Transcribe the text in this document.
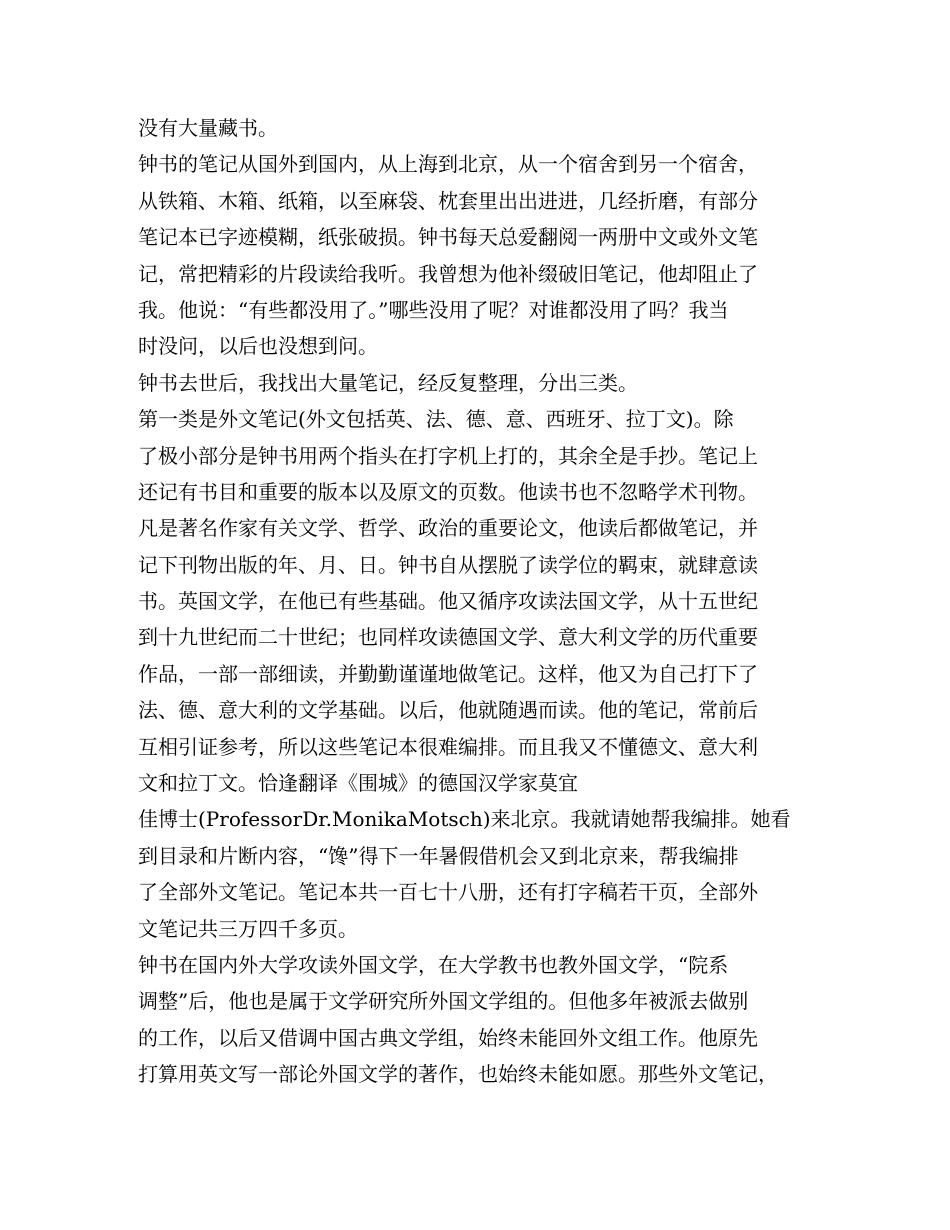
没有大量藏书。
钟书的笔记从国外到国内，从上海到北京，从一个宿舍到另一个宿舍，
从铁箱、木箱、纸箱，以至麻袋、枕套里出出进进，几经折磨，有部分
笔记本已字迹模糊，纸张破损。钟书每天总爱翻阅一两册中文或外文笔
记，常把精彩的片段读给我听。我曾想为他补缀破旧笔记，他却阻止了
我。他说：“有些都没用了。”哪些没用了呢？对谁都没用了吗？我当
时没问，以后也没想到问。
钟书去世后，我找出大量笔记，经反复整理，分出三类。
第一类是外文笔记(外文包括英、法、德、意、西班牙、拉丁文)。除
了极小部分是钟书用两个指头在打字机上打的，其余全是手抄。笔记上
还记有书目和重要的版本以及原文的页数。他读书也不忽略学术刊物。
凡是著名作家有关文学、哲学、政治的重要论文，他读后都做笔记，并
记下刊物出版的年、月、日。钟书自从摆脱了读学位的羁束，就肆意读
书。英国文学，在他已有些基础。他又循序攻读法国文学，从十五世纪
到十九世纪而二十世纪；也同样攻读德国文学、意大利文学的历代重要
作品，一部一部细读，并勤勤谨谨地做笔记。这样，他又为自己打下了
法、德、意大利的文学基础。以后，他就随遇而读。他的笔记，常前后
互相引证参考，所以这些笔记本很难编排。而且我又不懂德文、意大利
文和拉丁文。恰逢翻译《围城》的德国汉学家莫宜
佳博士(ProfessorDr.MonikaMotsch)来北京。我就请她帮我编排。她看
到目录和片断内容，“馋”得下一年暑假借机会又到北京来，帮我编排
了全部外文笔记。笔记本共一百七十八册，还有打字稿若干页，全部外
文笔记共三万四千多页。
钟书在国内外大学攻读外国文学，在大学教书也教外国文学，“院系
调整”后，他也是属于文学研究所外国文学组的。但他多年被派去做别
的工作，以后又借调中国古典文学组，始终未能回外文组工作。他原先
打算用英文写一部论外国文学的著作，也始终未能如愿。那些外文笔记，
